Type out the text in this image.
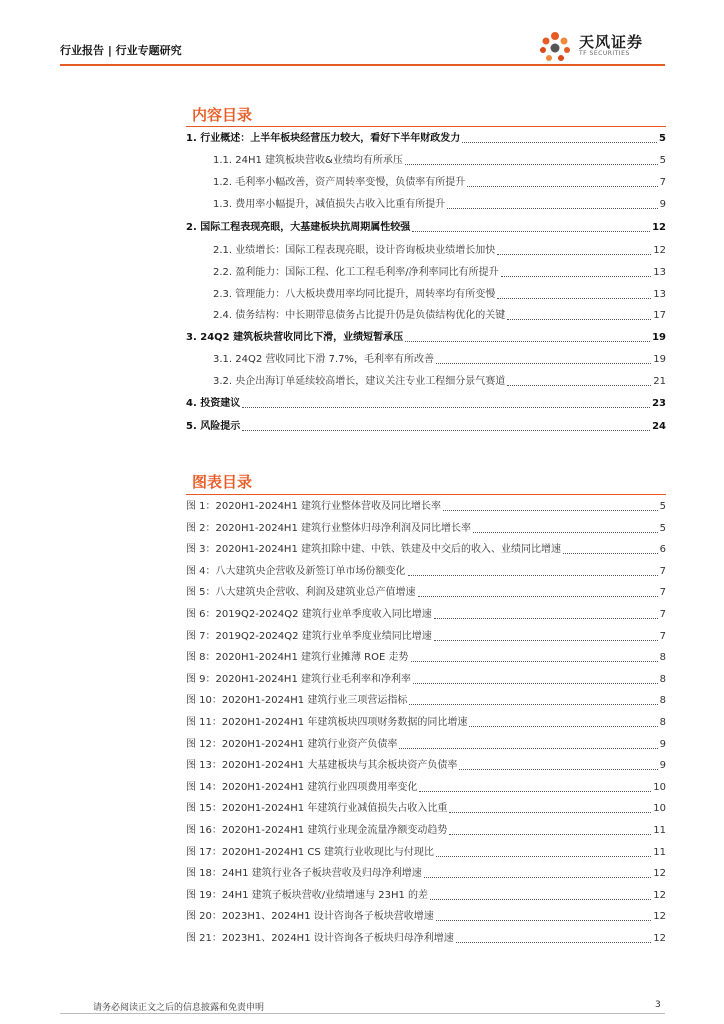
行业报告 | 行业专题研究	天风证券
TF SECURITIES
内容目录
1. 行业概述：上半年板块经营压力较大，看好下半年财政发力	5
1.1. 24H1 建筑板块营收&业绩均有所承压	5
1.2. 毛利率小幅改善，资产周转率变慢，负债率有所提升	7
1.3. 费用率小幅提升，减值损失占收入比重有所提升	9
2. 国际工程表现亮眼，大基建板块抗周期属性较强	12
2.1. 业绩增长：国际工程表现亮眼，设计咨询板块业绩增长加快	12
2.2. 盈利能力：国际工程、化工工程毛利率/净利率同比有所提升	13
2.3. 管理能力：八大板块费用率均同比提升，周转率均有所变慢	13
2.4. 债务结构：中长期带息债务占比提升仍是负债结构优化的关键	17
3. 24Q2 建筑板块营收同比下滑，业绩短暂承压	19
3.1. 24Q2 营收同比下滑 7.7%，毛利率有所改善	19
3.2. 央企出海订单延续较高增长，建议关注专业工程细分景气赛道	21
4. 投资建议	23
5. 风险提示	24
图表目录
图 1：2020H1-2024H1 建筑行业整体营收及同比增长率	5
图 2：2020H1-2024H1 建筑行业整体归母净利润及同比增长率	5
图 3：2020H1-2024H1 建筑扣除中建、中铁、铁建及中交后的收入、业绩同比增速	6
图 4：八大建筑央企营收及新签订单市场份额变化	7
图 5：八大建筑央企营收、利润及建筑业总产值增速	7
图 6：2019Q2-2024Q2 建筑行业单季度收入同比增速	7
图 7：2019Q2-2024Q2 建筑行业单季度业绩同比增速	7
图 8：2020H1-2024H1 建筑行业摊薄 ROE 走势	8
图 9：2020H1-2024H1 建筑行业毛利率和净利率	8
图 10：2020H1-2024H1 建筑行业三项营运指标	8
图 11：2020H1-2024H1 年建筑板块四项财务数据的同比增速	8
图 12：2020H1-2024H1 建筑行业资产负债率	9
图 13：2020H1-2024H1 大基建板块与其余板块资产负债率	9
图 14：2020H1-2024H1 建筑行业四项费用率变化	10
图 15：2020H1-2024H1 年建筑行业减值损失占收入比重	10
图 16：2020H1-2024H1 建筑行业现金流量净额变动趋势	11
图 17：2020H1-2024H1 CS 建筑行业收现比与付现比	11
图 18：24H1 建筑行业各子板块营收及归母净利增速	12
图 19：24H1 建筑子板块营收/业绩增速与 23H1 的差	12
图 20：2023H1、2024H1 设计咨询各子板块营收增速	12
图 21：2023H1、2024H1 设计咨询各子板块归母净利增速	12
请务必阅读正文之后的信息披露和免责申明	3
